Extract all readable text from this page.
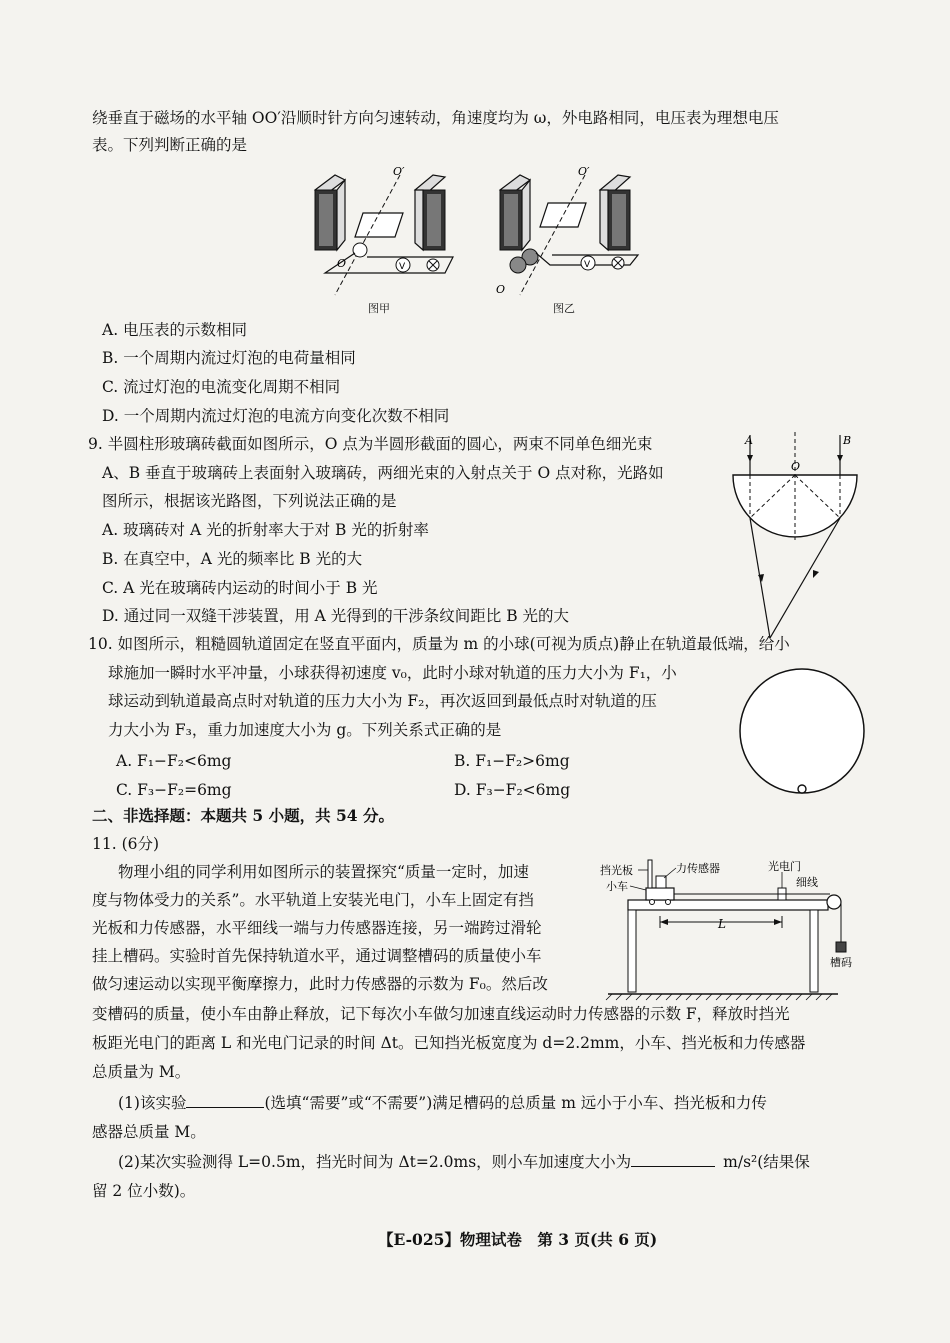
绕垂直于磁场的水平轴 OO′沿顺时针方向匀速转动，角速度均为 ω，外电路相同，电压表为理想电压
表。下列判断正确的是
V
O′
O
图甲
V
O′
O
图乙
A. 电压表的示数相同
B. 一个周期内流过灯泡的电荷量相同
C. 流过灯泡的电流变化周期不相同
D. 一个周期内流过灯泡的电流方向变化次数不相同
9. 半圆柱形玻璃砖截面如图所示，O 点为半圆形截面的圆心，两束不同单色细光束
A、B 垂直于玻璃砖上表面射入玻璃砖，两细光束的入射点关于 O 点对称，光路如
图所示，根据该光路图，下列说法正确的是
A. 玻璃砖对 A 光的折射率大于对 B 光的折射率
B. 在真空中，A 光的频率比 B 光的大
C. A 光在玻璃砖内运动的时间小于 B 光
D. 通过同一双缝干涉装置，用 A 光得到的干涉条纹间距比 B 光的大
A	B
O
10. 如图所示，粗糙圆轨道固定在竖直平面内，质量为 m 的小球(可视为质点)静止在轨道最低端，给小
球施加一瞬时水平冲量，小球获得初速度 v₀，此时小球对轨道的压力大小为 F₁，小
球运动到轨道最高点时对轨道的压力大小为 F₂，再次返回到最低点时对轨道的压
力大小为 F₃，重力加速度大小为 g。下列关系式正确的是
A. F₁−F₂<6mg	B. F₁−F₂>6mg
C. F₃−F₂=6mg	D. F₃−F₂<6mg
二、非选择题：本题共 5 小题，共 54 分。
11. (6分)
物理小组的同学利用如图所示的装置探究“质量一定时，加速
度与物体受力的关系”。水平轨道上安装光电门，小车上固定有挡
光板和力传感器，水平细线一端与力传感器连接，另一端跨过滑轮
挂上槽码。实验时首先保持轨道水平，通过调整槽码的质量使小车
做匀速运动以实现平衡摩擦力，此时力传感器的示数为 F₀。然后改
变槽码的质量，使小车由静止释放，记下每次小车做匀加速直线运动时力传感器的示数 F，释放时挡光
板距光电门的距离 L 和光电门记录的时间 Δt。已知挡光板宽度为 d=2.2mm，小车、挡光板和力传感器
总质量为 M。
(1)该实验	(选填“需要”或“不需要”)满足槽码的总质量 m 远小于小车、挡光板和力传
感器总质量 M。
(2)某次实验测得 L=0.5m，挡光时间为 Δt=2.0ms，则小车加速度大小为	m/s²(结果保
留 2 位小数)。
L
挡光板
小车
力传感器	光电门
细线
槽码
【E-025】物理试卷　第 3 页(共 6 页)
